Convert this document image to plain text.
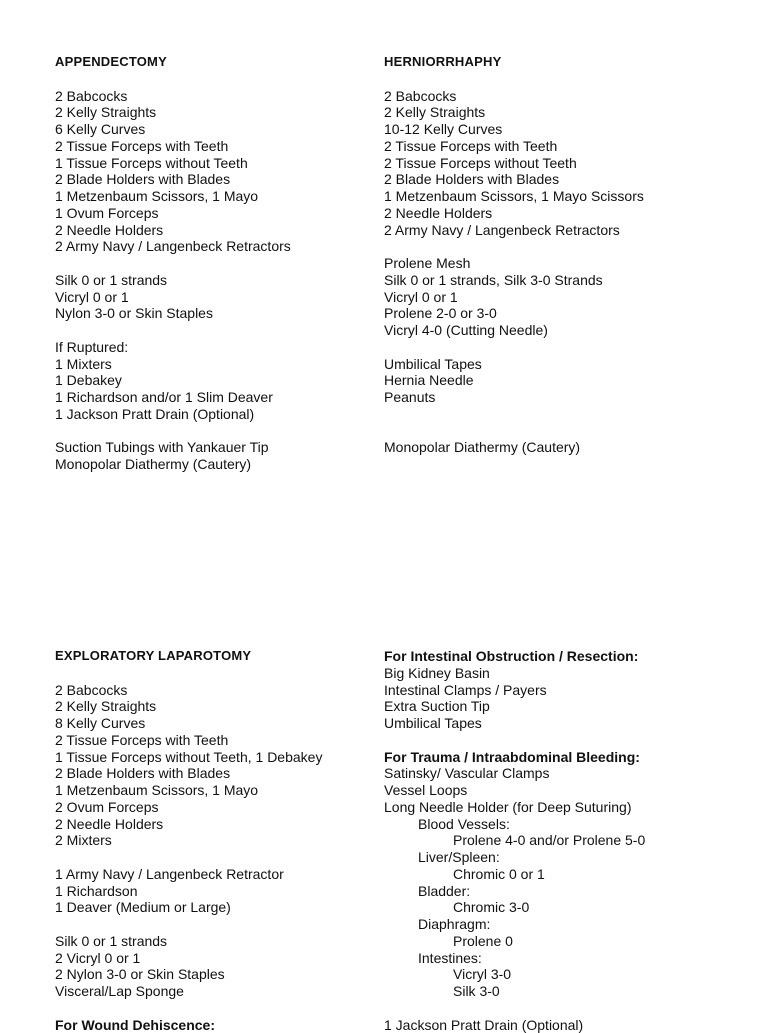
APPENDECTOMY
2 Babcocks
2 Kelly Straights
6 Kelly Curves
2 Tissue Forceps with Teeth
1 Tissue Forceps without Teeth
2 Blade Holders with Blades
1 Metzenbaum Scissors, 1 Mayo
1 Ovum Forceps
2 Needle Holders
2 Army Navy / Langenbeck Retractors
Silk 0 or 1 strands
Vicryl 0 or 1
Nylon 3-0 or Skin Staples
If Ruptured:
1 Mixters
1 Debakey
1 Richardson and/or 1 Slim Deaver
1 Jackson Pratt Drain (Optional)
Suction Tubings with Yankauer Tip
Monopolar Diathermy (Cautery)
HERNIORRHAPHY
2 Babcocks
2 Kelly Straights
10-12 Kelly Curves
2 Tissue Forceps with Teeth
2 Tissue Forceps without Teeth
2 Blade Holders with Blades
1 Metzenbaum Scissors, 1 Mayo Scissors
2 Needle Holders
2 Army Navy / Langenbeck Retractors
Prolene Mesh
Silk 0 or 1 strands, Silk 3-0 Strands
Vicryl 0 or 1
Prolene 2-0 or 3-0
Vicryl 4-0 (Cutting Needle)
Umbilical Tapes
Hernia Needle
Peanuts
Monopolar Diathermy (Cautery)
EXPLORATORY LAPAROTOMY
2 Babcocks
2 Kelly Straights
8 Kelly Curves
2 Tissue Forceps with Teeth
1 Tissue Forceps without Teeth, 1 Debakey
2 Blade Holders with Blades
1 Metzenbaum Scissors, 1 Mayo
2 Ovum Forceps
2 Needle Holders
2 Mixters
1 Army Navy / Langenbeck Retractor
1 Richardson
1 Deaver (Medium or Large)
Silk 0 or 1 strands
2 Vicryl 0 or 1
2 Nylon 3-0 or Skin Staples
Visceral/Lap Sponge
For Wound Dehiscence:
For Intestinal Obstruction / Resection:
Big Kidney Basin
Intestinal Clamps / Payers
Extra Suction Tip
Umbilical Tapes
For Trauma / Intraabdominal Bleeding:
Satinsky/ Vascular Clamps
Vessel Loops
Long Needle Holder (for Deep Suturing)
Blood Vessels:
Prolene 4-0 and/or Prolene 5-0
Liver/Spleen:
Chromic 0 or 1
Bladder:
Chromic 3-0
Diaphragm:
Prolene 0
Intestines:
Vicryl 3-0
Silk 3-0
1 Jackson Pratt Drain (Optional)
